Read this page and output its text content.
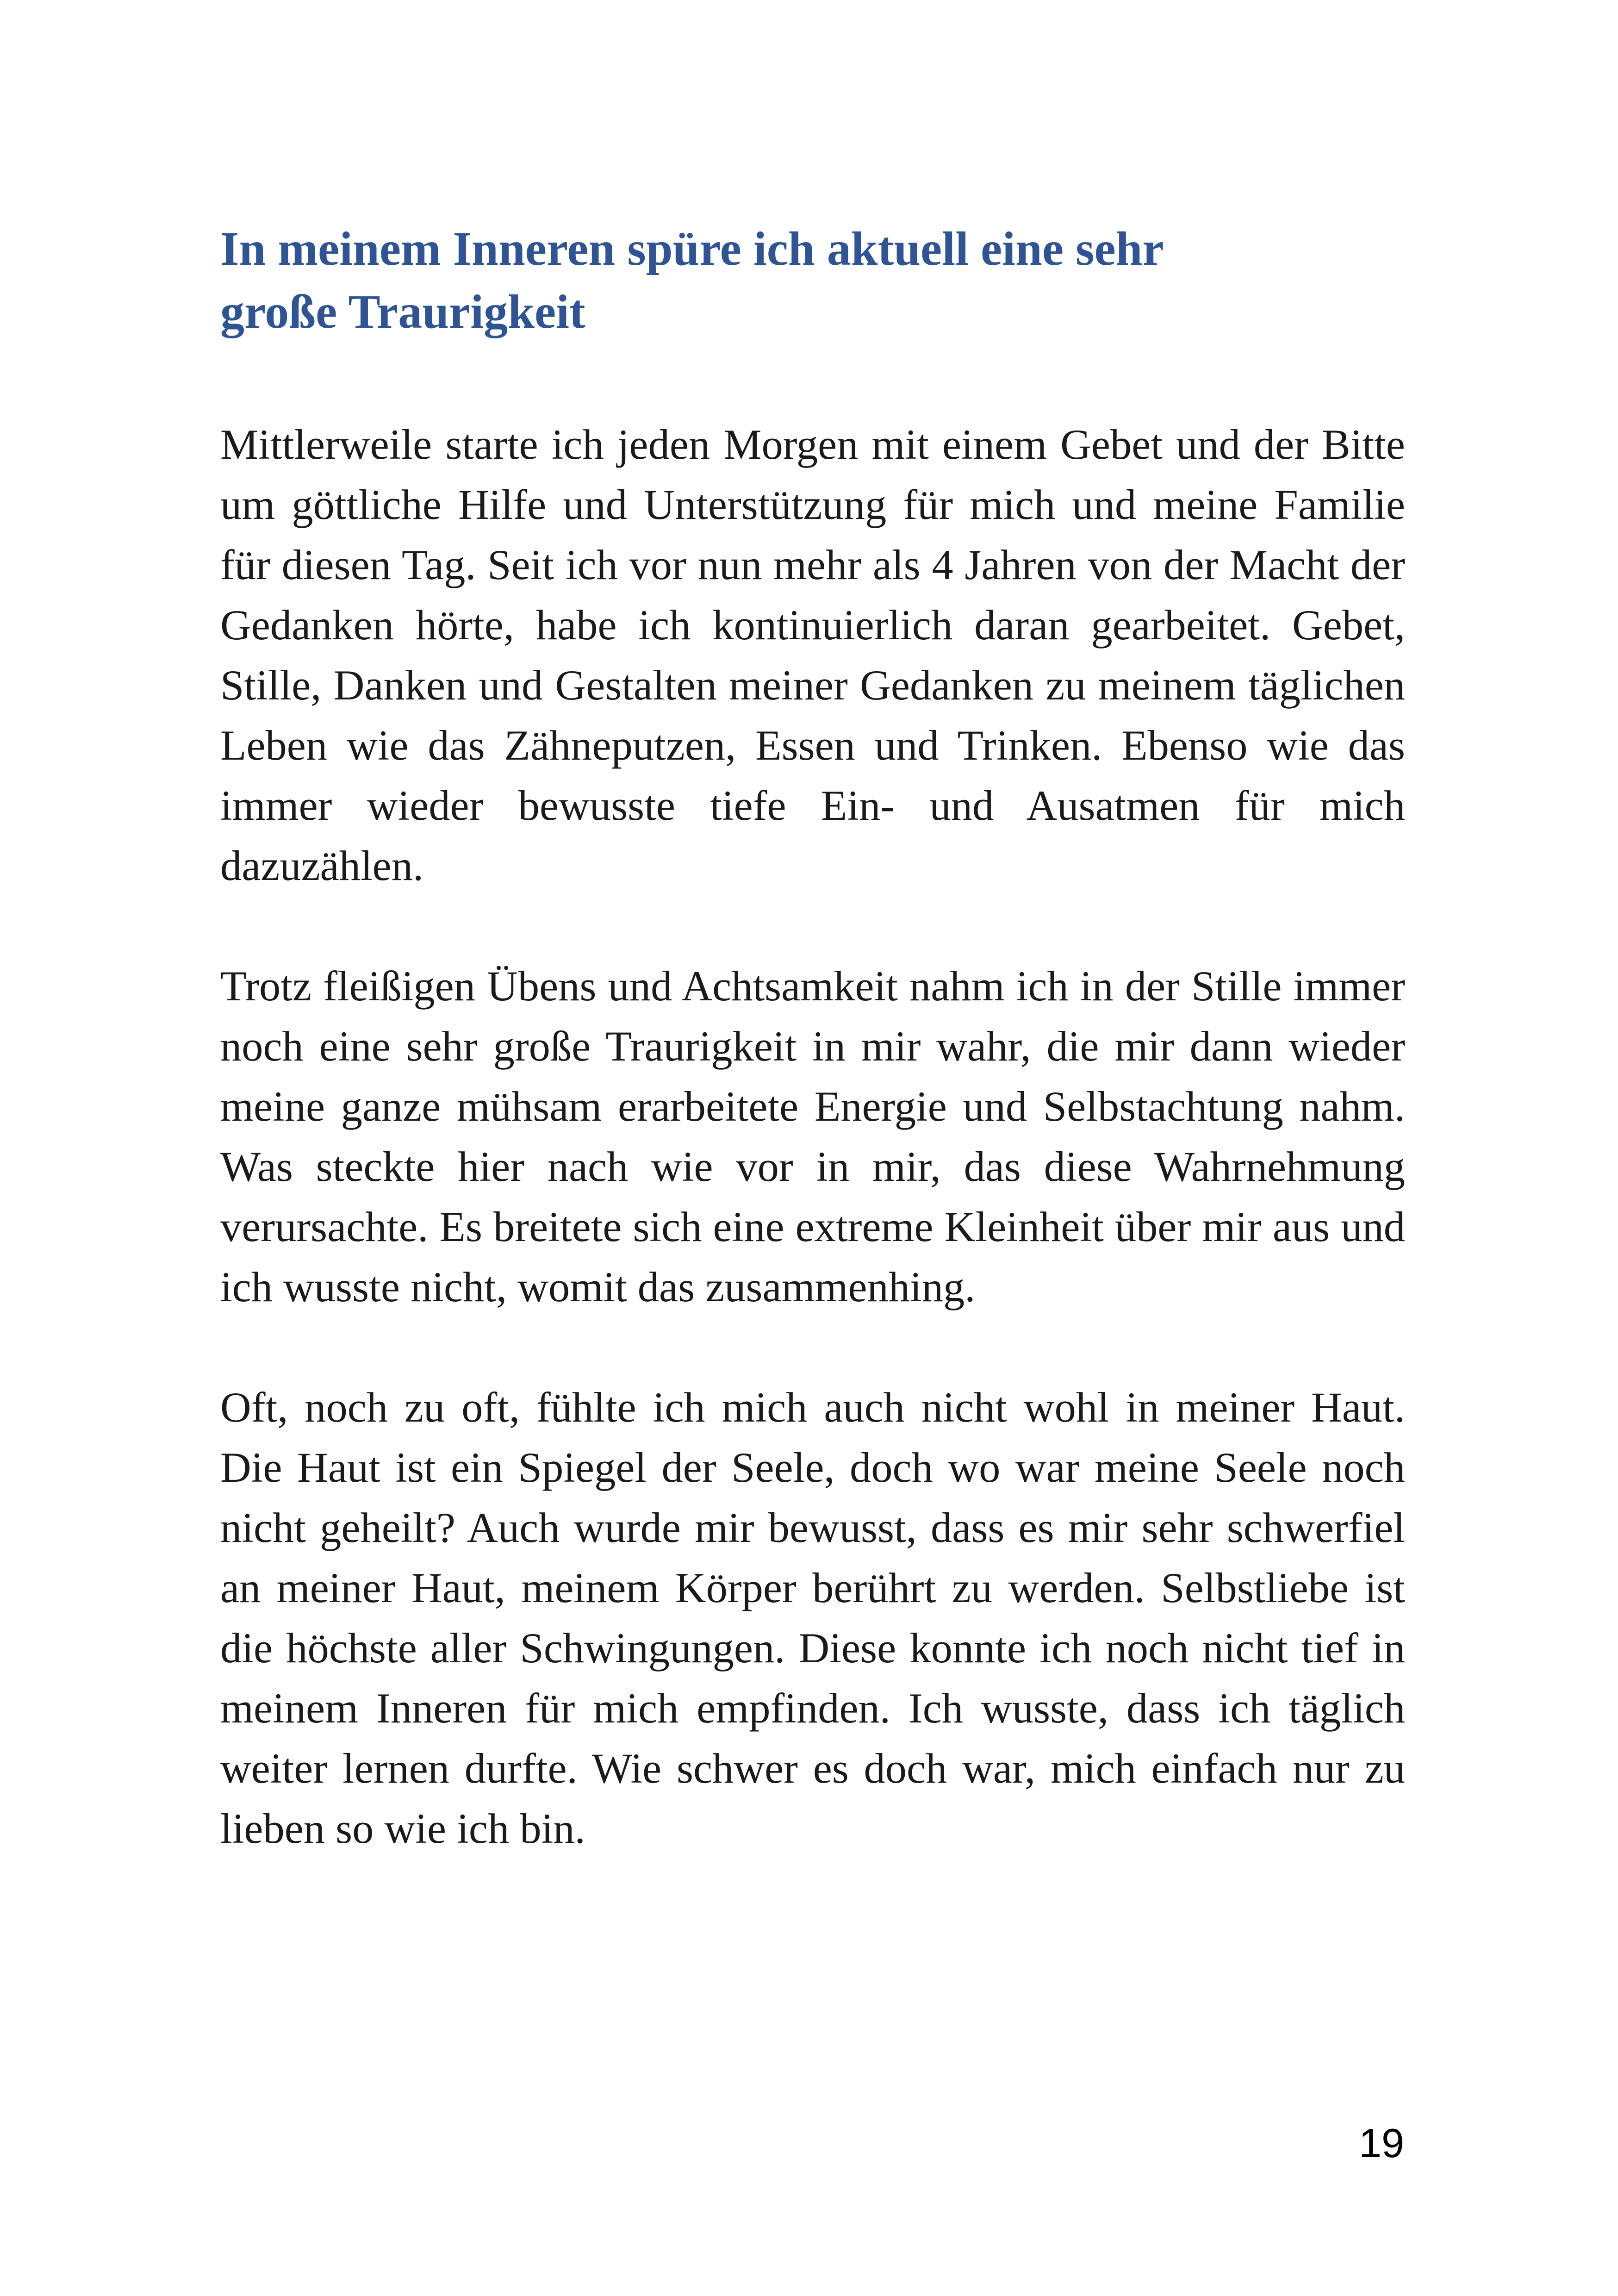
In meinem Inneren spüre ich aktuell eine sehr
große Traurigkeit

Mittlerweile starte ich jeden Morgen mit einem Gebet und der Bitte um göttliche Hilfe und Unterstützung für mich und meine Familie für diesen Tag. Seit ich vor nun mehr als 4 Jahren von der Macht der Gedanken hörte, habe ich kontinuierlich daran gearbeitet. Gebet, Stille, Danken und Gestalten meiner Gedanken zu meinem täglichen Leben wie das Zähneputzen, Essen und Trinken. Ebenso wie das immer wieder bewusste tiefe Ein- und Ausatmen für mich dazuzählen.

Trotz fleißigen Übens und Achtsamkeit nahm ich in der Stille immer noch eine sehr große Traurigkeit in mir wahr, die mir dann wieder meine ganze mühsam erarbeitete Energie und Selbstachtung nahm. Was steckte hier nach wie vor in mir, das diese Wahrnehmung verursachte. Es breitete sich eine extreme Kleinheit über mir aus und ich wusste nicht, womit das zusammenhing.

Oft, noch zu oft, fühlte ich mich auch nicht wohl in meiner Haut. Die Haut ist ein Spiegel der Seele, doch wo war meine Seele noch nicht geheilt? Auch wurde mir bewusst, dass es mir sehr schwerfiel an meiner Haut, meinem Körper berührt zu werden. Selbstliebe ist die höchste aller Schwingungen. Diese konnte ich noch nicht tief in meinem Inneren für mich empfinden. Ich wusste, dass ich täglich weiter lernen durfte. Wie schwer es doch war, mich einfach nur zu lieben so wie ich bin.

19
